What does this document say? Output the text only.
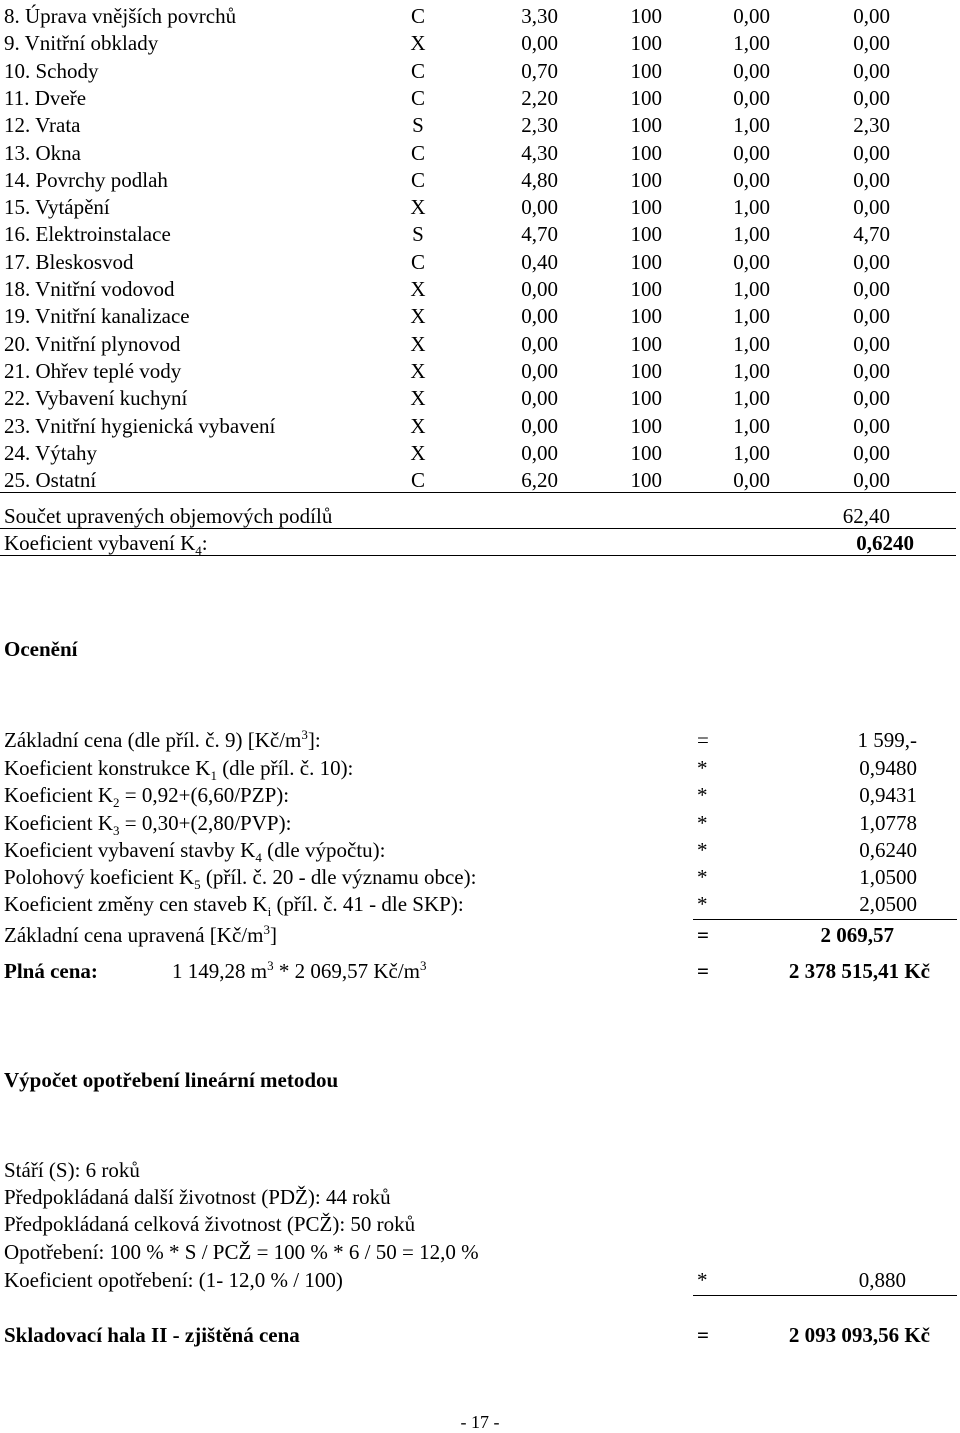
8. Úprava vnějších povrchů	C	3,30	100	0,00	0,00
9. Vnitřní obklady	X	0,00	100	1,00	0,00
10. Schody	C	0,70	100	0,00	0,00
11. Dveře	C	2,20	100	0,00	0,00
12. Vrata	S	2,30	100	1,00	2,30
13. Okna	C	4,30	100	0,00	0,00
14. Povrchy podlah	C	4,80	100	0,00	0,00
15. Vytápění	X	0,00	100	1,00	0,00
16. Elektroinstalace	S	4,70	100	1,00	4,70
17. Bleskosvod	C	0,40	100	0,00	0,00
18. Vnitřní vodovod	X	0,00	100	1,00	0,00
19. Vnitřní kanalizace	X	0,00	100	1,00	0,00
20. Vnitřní plynovod	X	0,00	100	1,00	0,00
21. Ohřev teplé vody	X	0,00	100	1,00	0,00
22. Vybavení kuchyní	X	0,00	100	1,00	0,00
23. Vnitřní hygienická vybavení	X	0,00	100	1,00	0,00
24. Výtahy	X	0,00	100	1,00	0,00
25. Ostatní	C	6,20	100	0,00	0,00
Součet upravených objemových podílů	62,40
Koeficient vybavení $K_4$:	0,6240
Ocenění
Základní cena (dle příl. č. 9) $[Kč/m^3]$:	=	1 599,-
Koeficient konstrukce $K_1$ (dle příl. č. 10):	*	0,9480
Koeficient $K_2 = 0,92+(6,60/PZP)$:	*	0,9431
Koeficient $K_3 = 0,30+(2,80/PVP)$:	*	1,0778
Koeficient vybavení stavby $K_4$ (dle výpočtu):	*	0,6240
Polohový koeficient $K_5$ (příl. č. 20 - dle významu obce):	*	1,0500
Koeficient změny cen staveb $K_i$ (příl. č. 41 - dle SKP):	*	2,0500
Základní cena upravená $[Kč/m^3]$	=	2 069,57
Plná cena:	1 149,28 $m^3 * 2$ 069,57 $Kč/m^3$	=	2 378 515,41 Kč
Výpočet opotřebení lineární metodou
Stáří (S): 6 roků
Předpokládaná další životnost (PDŽ): 44 roků
Předpokládaná celková životnost (PCŽ): 50 roků
Opotřebení: 100 % * S / PCŽ = 100 % * 6 / 50 = 12,0 %
Koeficient opotřebení: (1- 12,0 % / 100)	*	0,880
Skladovací hala II - zjištěná cena	=	2 093 093,56 Kč
- 17 -
